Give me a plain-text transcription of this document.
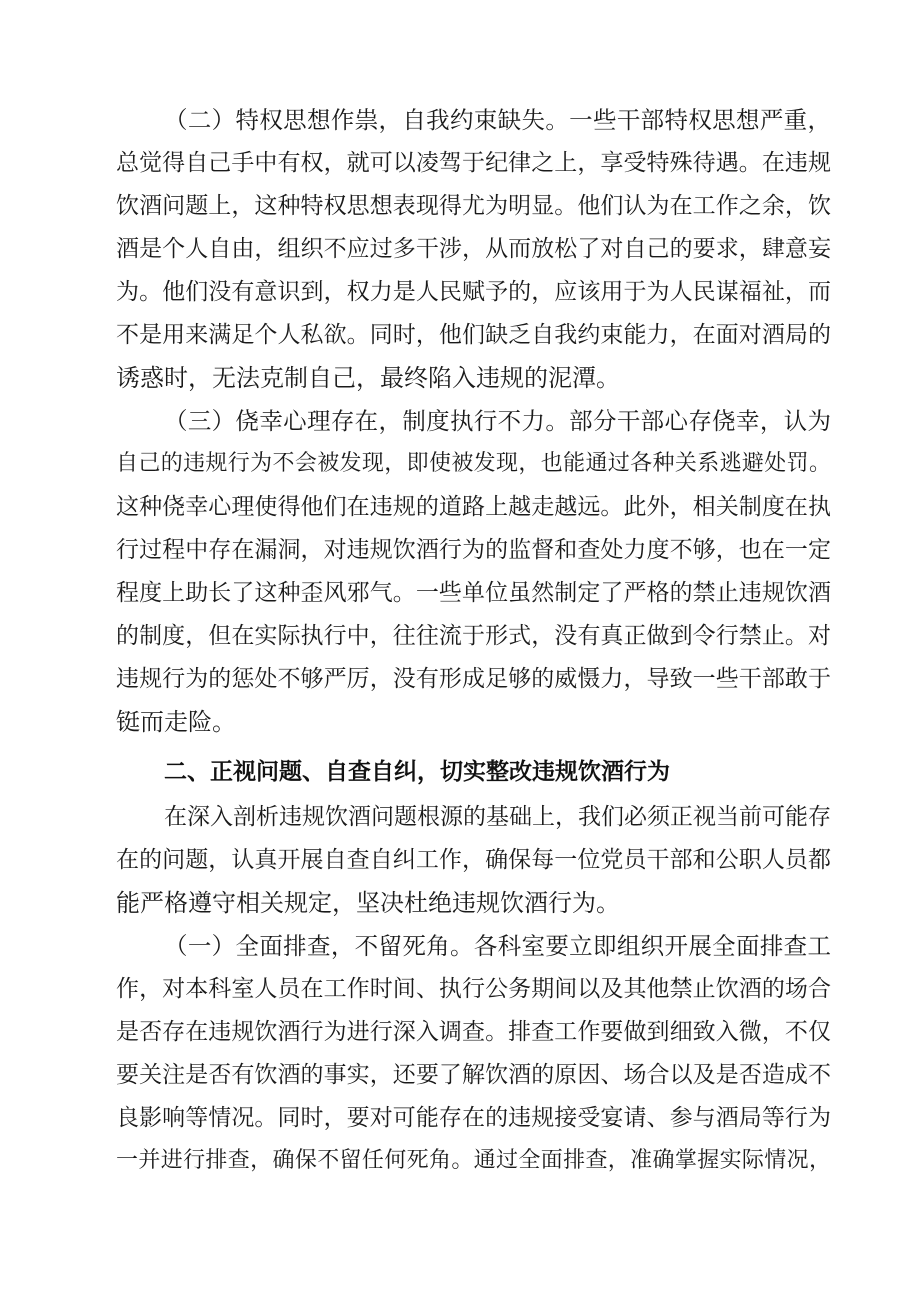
（二）特权思想作祟，自我约束缺失。一些干部特权思想严重，
总觉得自己手中有权，就可以凌驾于纪律之上，享受特殊待遇。在违规
饮酒问题上，这种特权思想表现得尤为明显。他们认为在工作之余，饮
酒是个人自由，组织不应过多干涉，从而放松了对自己的要求，肆意妄
为。他们没有意识到，权力是人民赋予的，应该用于为人民谋福祉，而
不是用来满足个人私欲。同时，他们缺乏自我约束能力，在面对酒局的
诱惑时，无法克制自己，最终陷入违规的泥潭。
（三）侥幸心理存在，制度执行不力。部分干部心存侥幸，认为
自己的违规行为不会被发现，即使被发现，也能通过各种关系逃避处罚。
这种侥幸心理使得他们在违规的道路上越走越远。此外，相关制度在执
行过程中存在漏洞，对违规饮酒行为的监督和查处力度不够，也在一定
程度上助长了这种歪风邪气。一些单位虽然制定了严格的禁止违规饮酒
的制度，但在实际执行中，往往流于形式，没有真正做到令行禁止。对
违规行为的惩处不够严厉，没有形成足够的威慑力，导致一些干部敢于
铤而走险。
二、正视问题、自查自纠，切实整改违规饮酒行为
在深入剖析违规饮酒问题根源的基础上，我们必须正视当前可能存
在的问题，认真开展自查自纠工作，确保每一位党员干部和公职人员都
能严格遵守相关规定，坚决杜绝违规饮酒行为。
（一）全面排查，不留死角。各科室要立即组织开展全面排查工
作，对本科室人员在工作时间、执行公务期间以及其他禁止饮酒的场合
是否存在违规饮酒行为进行深入调查。排查工作要做到细致入微，不仅
要关注是否有饮酒的事实，还要了解饮酒的原因、场合以及是否造成不
良影响等情况。同时，要对可能存在的违规接受宴请、参与酒局等行为
一并进行排查，确保不留任何死角。通过全面排查，准确掌握实际情况，
